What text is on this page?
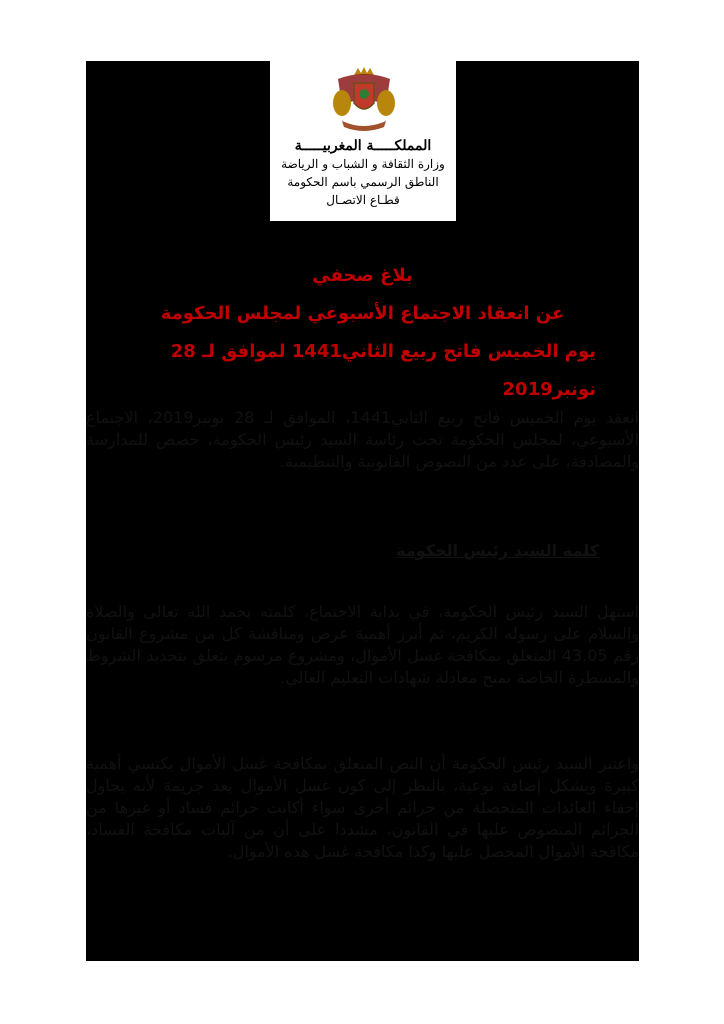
المملكـــــة المغربيـــــة
وزارة الثقافة و الشباب و الرياضة
الناطق الرسمي باسم الحكومة
قطـاع الاتصـال
بلاغ صحفي
عن انعقاد الاجتماع الأسبوعي لمجلس الحكومة
يوم الخميس فاتح ربيع الثاني1441 لموافق لـ 28 نونبر2019
انعقد يوم الخميس فاتح ربيع الثاني1441، الموافق لـ 28 نونبر2019، الاجتماع الأسبوعي، لمجلس الحكومة تحت رئاسة السيد رئيس الحكومة، خصص للمدارسة والمصادقة، على عدد من النصوص القانونية والتنظيمية.
كلمة السيد رئيس الحكومة
استهل السيد رئيس الحكومة، في بداية الاجتماع، كلمته بحمد الله تعالى والصلاة والسلام على رسوله الكريم، ثم أبرز أهمية عرض ومناقشة كل من مشروع القانون رقم 43.05 المتعلق بمكافحة غسل الأموال، ومشروع مرسوم يتعلق بتحديد الشروط والمسطرة الخاصة بمنح معادلة شهادات التعليم العالي.
واعتبر السيد رئيس الحكومة أن النص المتعلق بمكافحة غسل الأموال يكتسي أهمية كبيرة ويشكل إضافة نوعية، بالنظر إلى كون غسل الأموال يعد جريمة لأنه يحاول إخفاء العائدات المتحصلة من جرائم أخرى سواء أكانت جرائم فساد أو غيرها من الجرائم المنصوص عليها في القانون، مشددا على أن من آليات مكافحة الفساد، مكافحة الأموال المحصل عليها وكذا مكافحة غسل هذه الأموال.
